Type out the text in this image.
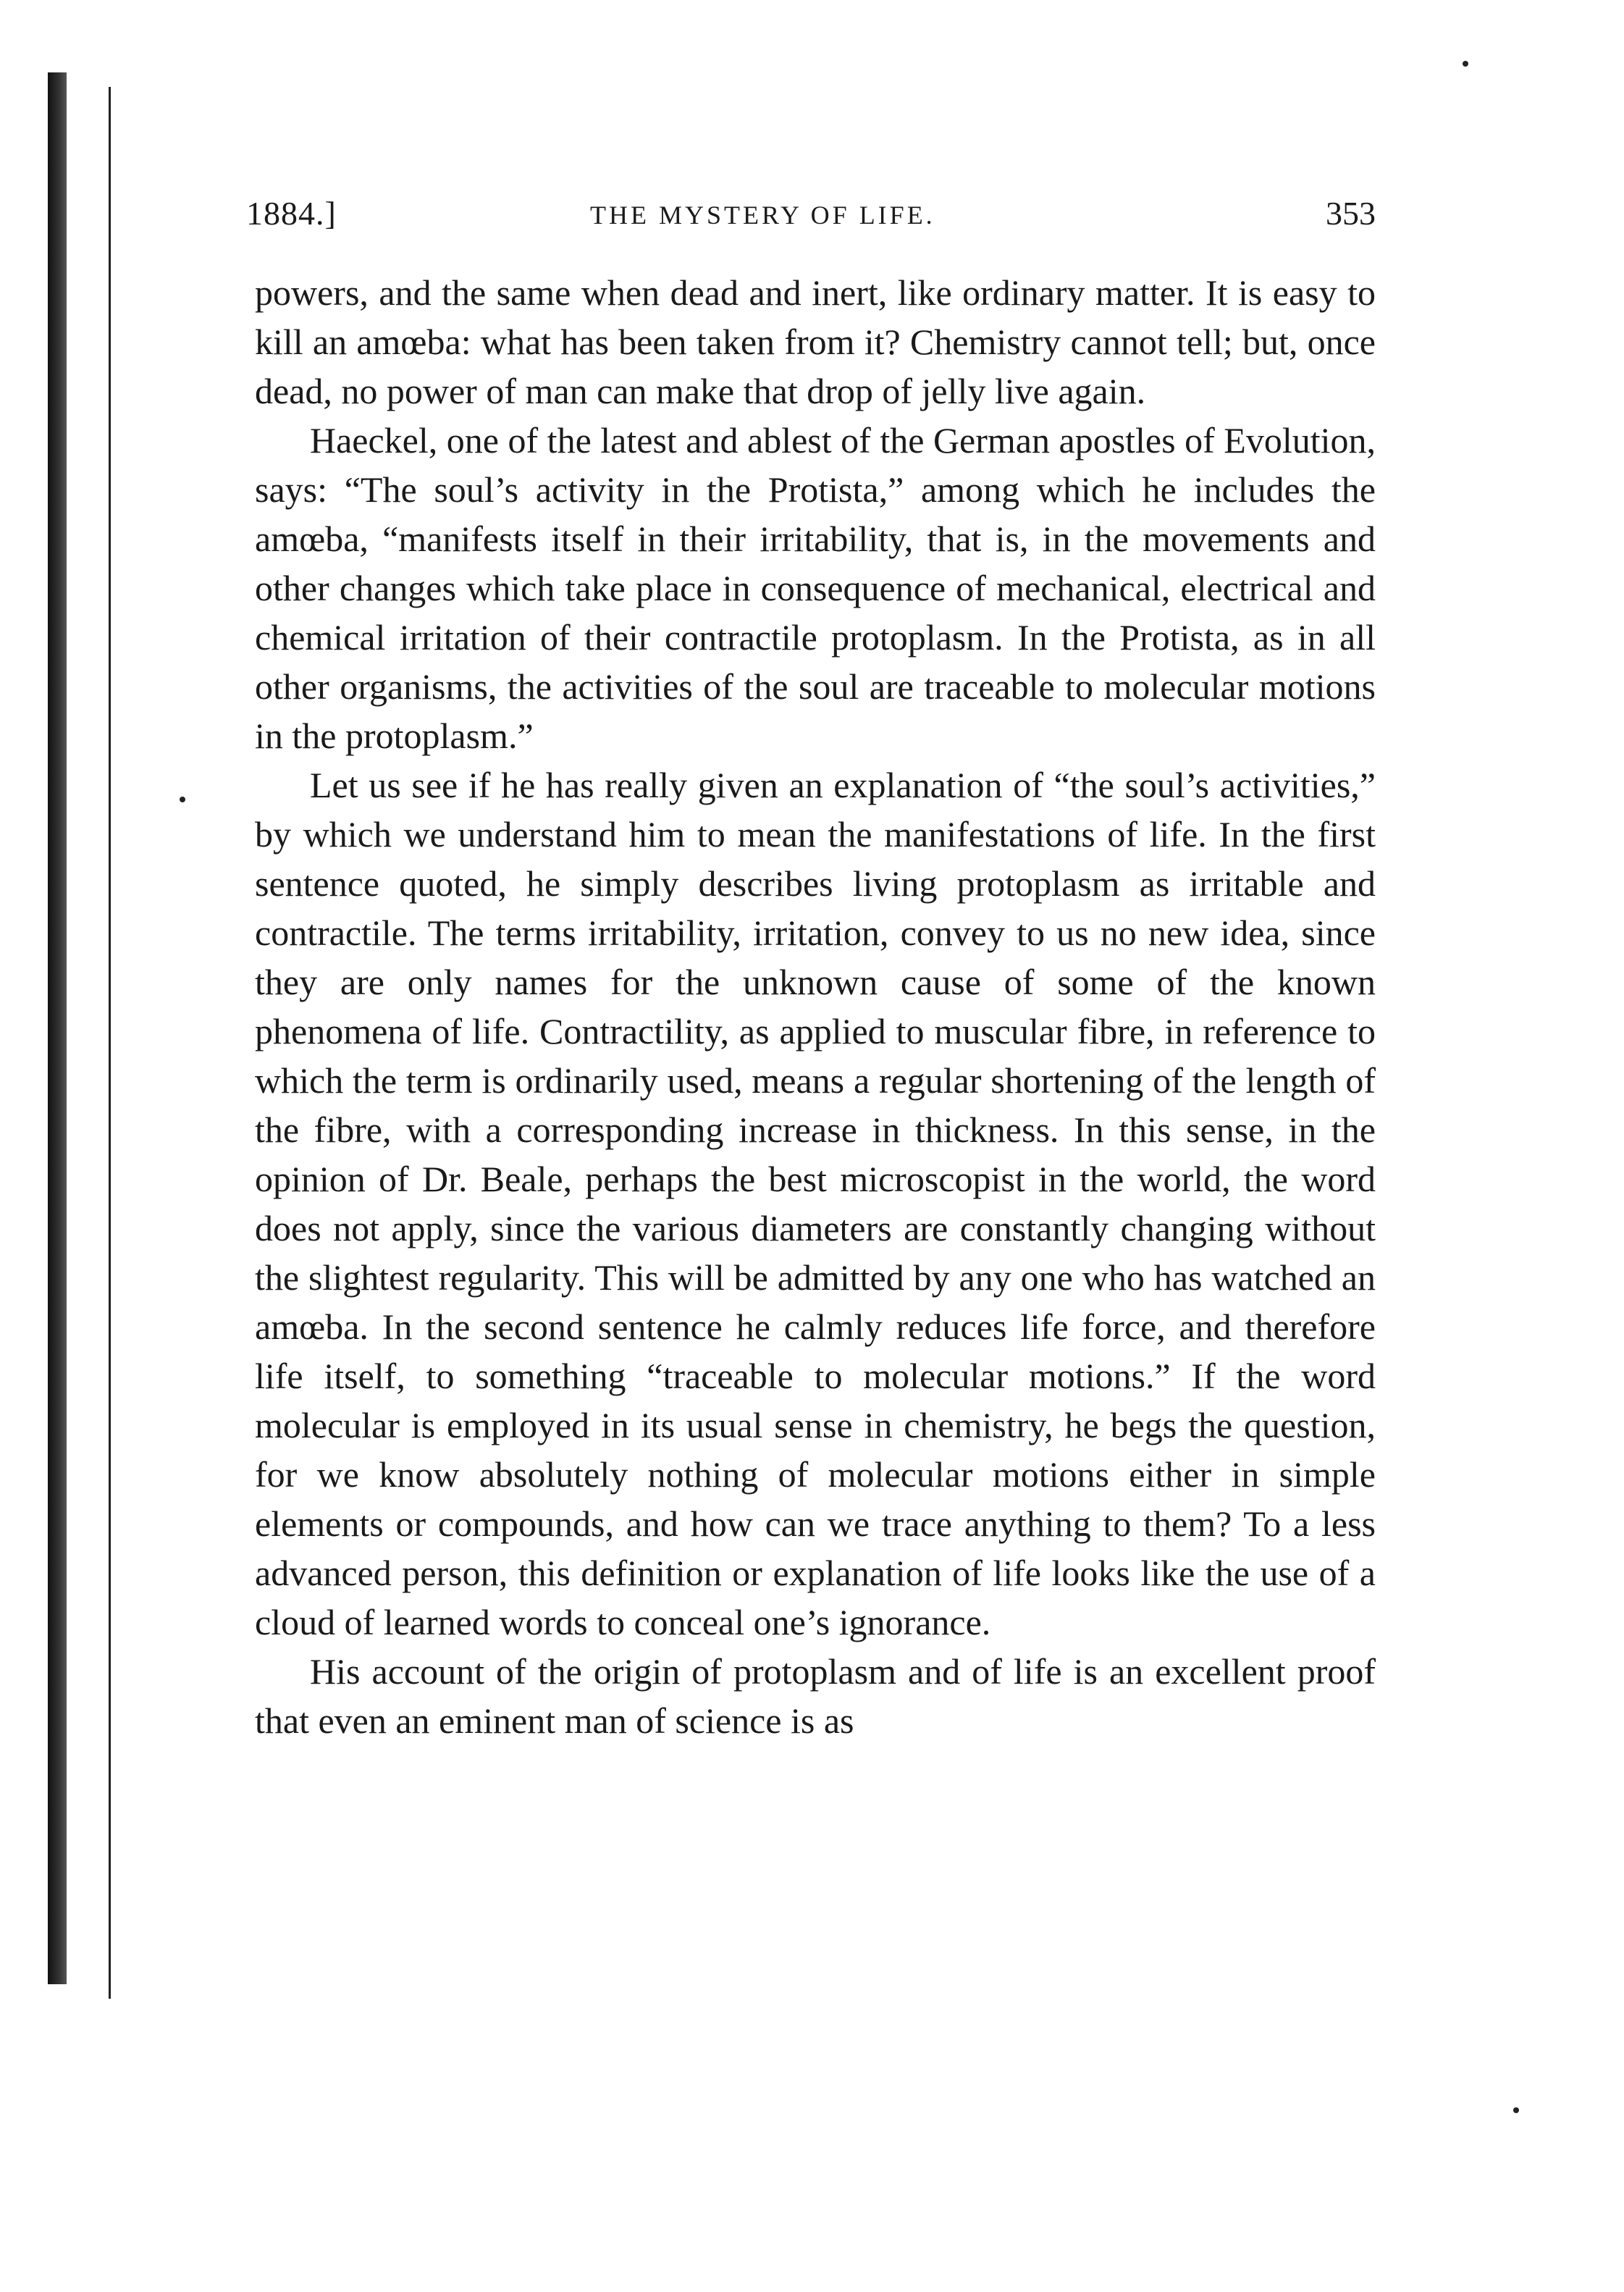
1884.]	THE MYSTERY OF LIFE.	353

powers, and the same when dead and inert, like ordinary matter. It is easy to kill an amœba: what has been taken from it? Chemistry cannot tell; but, once dead, no power of man can make that drop of jelly live again.

Haeckel, one of the latest and ablest of the German apostles of Evolution, says: “The soul’s activity in the Protista,” among which he includes the amœba, “manifests itself in their irritability, that is, in the movements and other changes which take place in consequence of mechanical, electrical and chemical irritation of their contractile protoplasm. In the Protista, as in all other organisms, the activities of the soul are traceable to molecular motions in the protoplasm.”

Let us see if he has really given an explanation of “the soul’s activities,” by which we understand him to mean the manifestations of life. In the first sentence quoted, he simply describes living protoplasm as irritable and contractile. The terms irritability, irritation, convey to us no new idea, since they are only names for the unknown cause of some of the known phenomena of life. Contractility, as applied to muscular fibre, in reference to which the term is ordinarily used, means a regular shortening of the length of the fibre, with a corresponding increase in thickness. In this sense, in the opinion of Dr. Beale, perhaps the best microscopist in the world, the word does not apply, since the various diameters are constantly changing without the slightest regularity. This will be admitted by any one who has watched an amœba. In the second sentence he calmly reduces life force, and therefore life itself, to something “traceable to molecular motions.” If the word molecular is employed in its usual sense in chemistry, he begs the question, for we know absolutely nothing of molecular motions either in simple elements or compounds, and how can we trace anything to them? To a less advanced person, this definition or explanation of life looks like the use of a cloud of learned words to conceal one’s ignorance.

His account of the origin of protoplasm and of life is an excellent proof that even an eminent man of science is as
